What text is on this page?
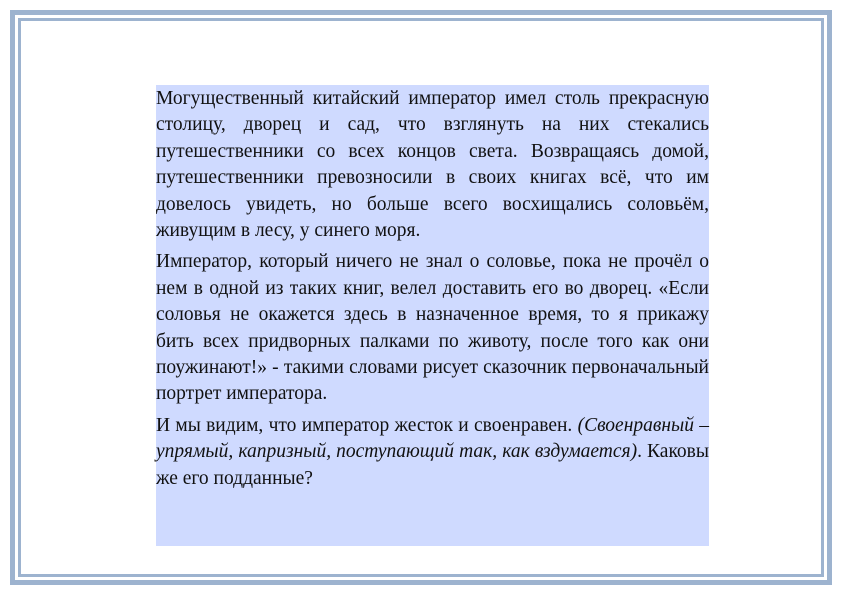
Могущественный китайский император имел столь прекрасную столицу, дворец и сад, что взглянуть на них стекались путешественники со всех концов света. Возвращаясь домой, путешественники превозносили в своих книгах всё, что им довелось увидеть, но больше всего восхищались соловьём, живущим в лесу, у синего моря.

Император, который ничего не знал о соловье, пока не прочёл о нем в одной из таких книг, велел доставить его во дворец. «Если соловья не окажется здесь в назначенное время, то я прикажу бить всех придворных палками по животу, после того как они поужинают!» - такими словами рисует сказочник первоначальный портрет императора.

И мы видим, что император жесток и своенравен. (Своенравный – упрямый, капризный, поступающий так, как вздумается). Каковы же его подданные?
